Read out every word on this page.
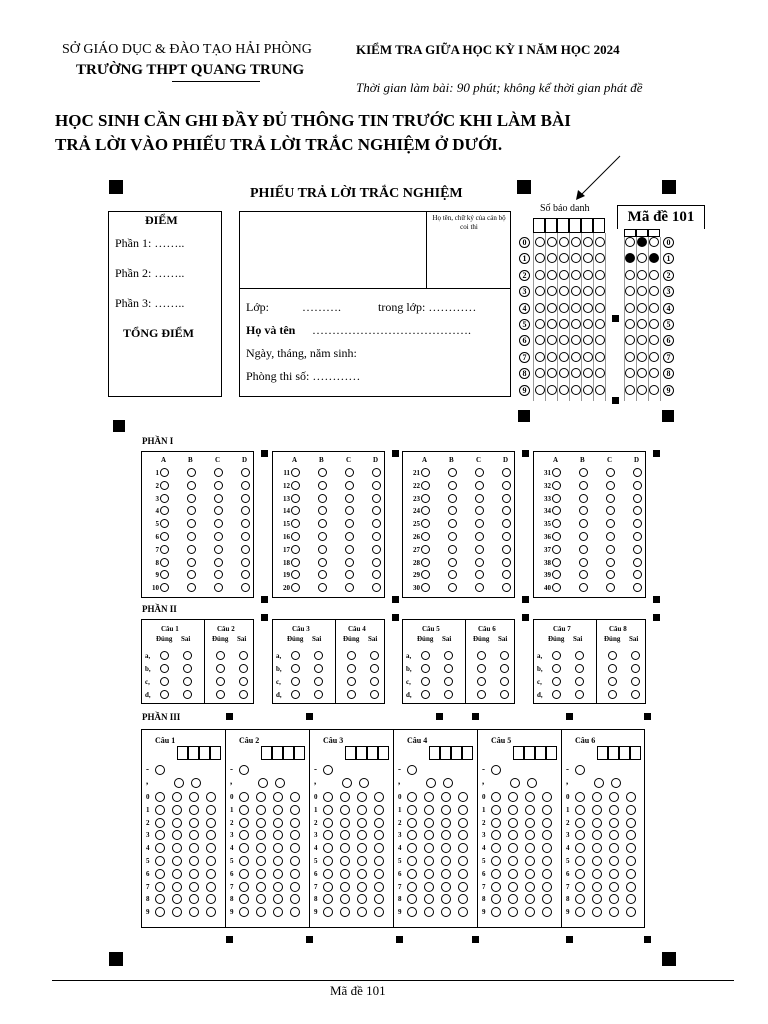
SỞ GIÁO DỤC & ĐÀO TẠO HẢI PHÒNG
TRƯỜNG THPT QUANG TRUNG
KIỂM TRA GIỮA HỌC KỲ I NĂM HỌC 2024
Thời gian làm bài: 90 phút; không kể thời gian phát đề
HỌC SINH CẦN GHI ĐẦY ĐỦ THÔNG TIN TRƯỚC KHI LÀM BÀI
TRẢ LỜI VÀO PHIẾU TRẢ LỜI TRẮC NGHIỆM Ở DƯỚI.
PHIẾU TRẢ LỜI TRẮC NGHIỆM
ĐIỂM
Phần 1: ……..
Phần 2: ……..
Phần 3: ……..
TỔNG ĐIỂM
Họ tên, chữ ký của cán bộ coi thi
Lớp:	……….	trong lớp: …………
Họ và tên ………………………………….
Ngày, tháng, năm sinh:
Phòng thi số: …………
Số báo danh
Mã đề 101
0	0
1	1
2	2
3	3
4	4
5	5
6	6
7	7
8	8
9	9
PHẦN I
A	B	C	D
1
2
3
4
5
6
7
8
9
10
A	B	C	D
11
12
13
14
15
16
17
18
19
20
A	B	C	D
21
22
23
24
25
26
27
28
29
30
A	B	C	D
31
32
33
34
35
36
37
38
39
40
PHẦN II
Câu 1
Đúng Sai
a,
b,
c,
d,
Câu 2
Đúng Sai
Câu 3
Đúng Sai
a,
b,
c,
d,
Câu 4
Đúng Sai
Câu 5
Đúng Sai
a,
b,
c,
d,
Câu 6
Đúng Sai
Câu 7
Đúng Sai
a,
b,
c,
d,
Câu 8
Đúng Sai
PHẦN III
Câu 1
-
,
0
1
2
3
4
5
6
7
8
9
Câu 2
-
,
0
1
2
3
4
5
6
7
8
9
Câu 3
-
,
0
1
2
3
4
5
6
7
8
9
Câu 4
-
,
0
1
2
3
4
5
6
7
8
9
Câu 5
-
,
0
1
2
3
4
5
6
7
8
9
Câu 6
-
,
0
1
2
3
4
5
6
7
8
9
Mã đề 101
